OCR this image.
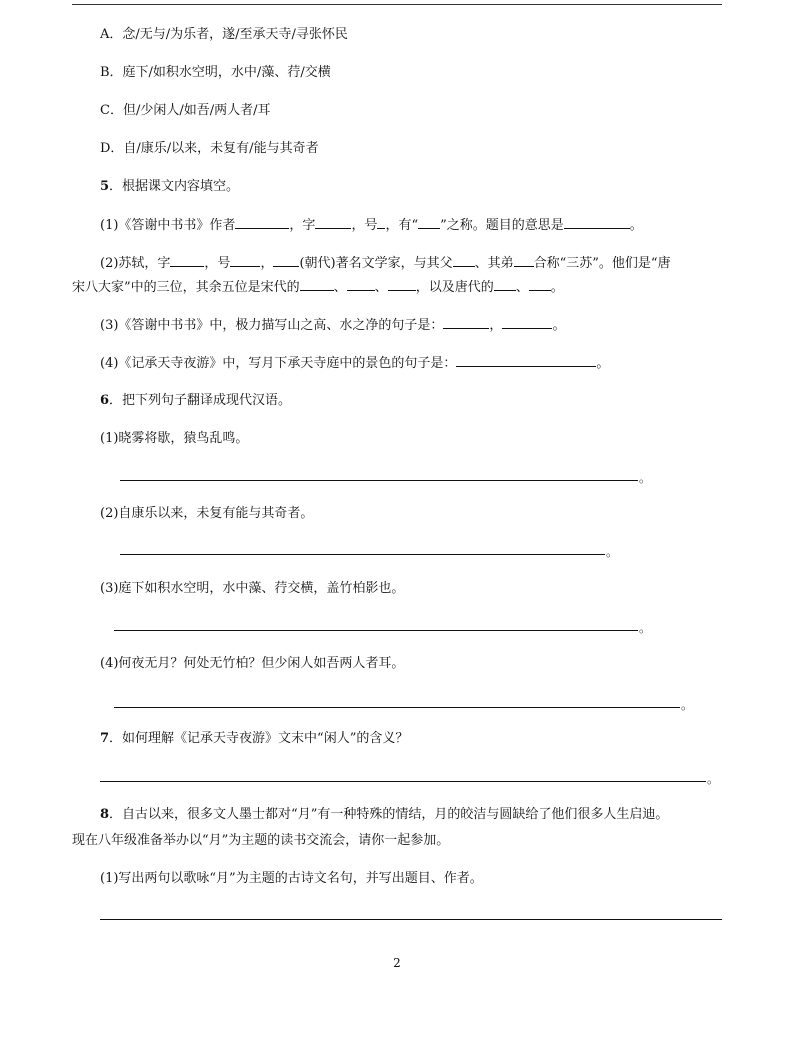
A．念/无与/为乐者，遂/至承天寺/寻张怀民
B．庭下/如积水空明，水中/藻、荇/交横
C．但/少闲人/如吾/两人者/耳
D．自/康乐/以来，未复有/能与其奇者
5．根据课文内容填空。
(1)《答谢中书书》作者	，字	，号 ，有“ ”之称。题目的意思是	。
(2)苏轼，字	，号 ， (朝代)著名文学家，与其父 、其弟 合称“三苏”。他们是“唐
宋八大家”中的三位，其余五位是宋代的	、 、 ，以及唐代的 、 。
(3)《答谢中书书》中，极力描写山之高、水之净的句子是：	，	。
(4)《记承天寺夜游》中，写月下承天寺庭中的景色的句子是：	。
6．把下列句子翻译成现代汉语。
(1)晓雾将歇，猿鸟乱鸣。
。
(2)自康乐以来，未复有能与其奇者。
。
(3)庭下如积水空明，水中藻、荇交横，盖竹柏影也。
。
(4)何夜无月？何处无竹柏？但少闲人如吾两人者耳。
。
7．如何理解《记承天寺夜游》文末中“闲人”的含义？
。
8．自古以来，很多文人墨士都对“月”有一种特殊的情结，月的皎洁与圆缺给了他们很多人生启迪。
现在八年级准备举办以“月”为主题的读书交流会，请你一起参加。
(1)写出两句以歌咏“月”为主题的古诗文名句，并写出题目、作者。
2
